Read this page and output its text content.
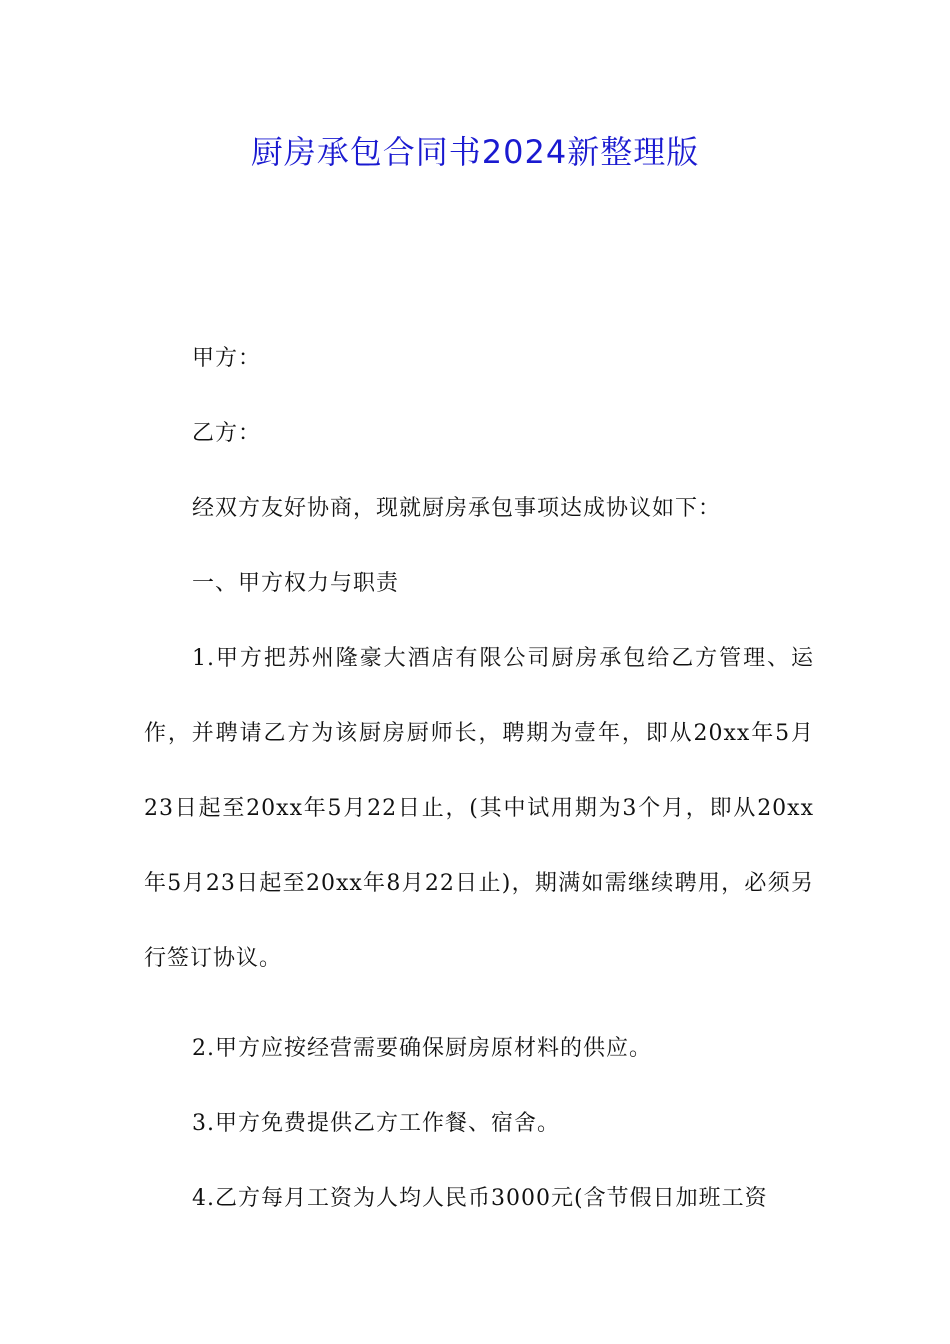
厨房承包合同书2024新整理版

甲方：

乙方：

经双方友好协商，现就厨房承包事项达成协议如下：

一、甲方权力与职责

1.甲方把苏州隆豪大酒店有限公司厨房承包给乙方管理、运作，并聘请乙方为该厨房厨师长，聘期为壹年，即从20xx年5月23日起至20xx年5月22日止，(其中试用期为3个月，即从20xx年5月23日起至20xx年8月22日止)，期满如需继续聘用，必须另行签订协议。

2.甲方应按经营需要确保厨房原材料的供应。

3.甲方免费提供乙方工作餐、宿舍。

4.乙方每月工资为人均人民币3000元(含节假日加班工资
